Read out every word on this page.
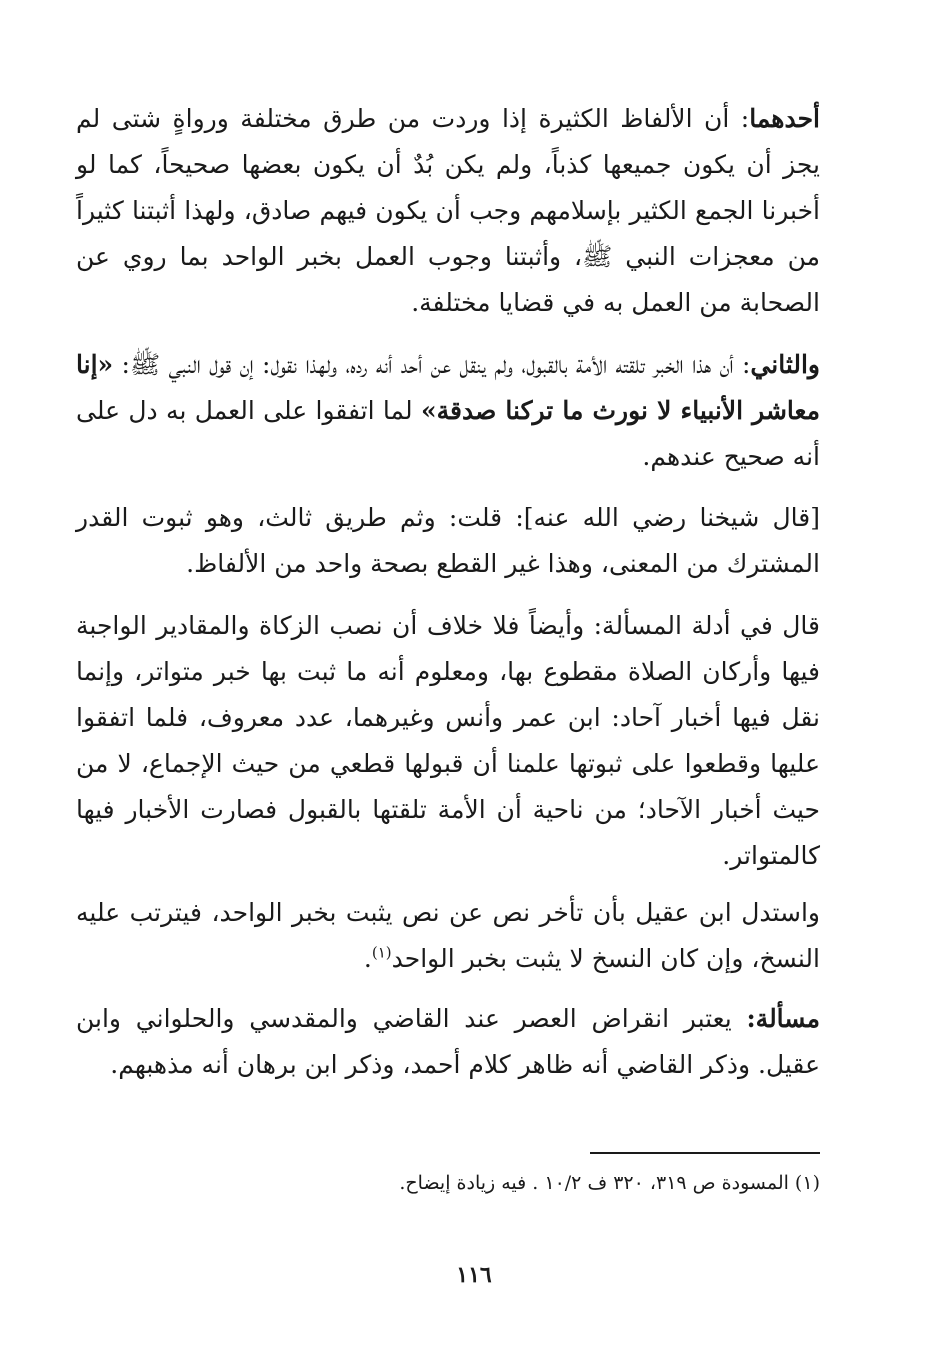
أحدهما: أن الألفاظ الكثيرة إذا وردت من طرق مختلفة ورواةٍ شتى لم يجز أن يكون جميعها كذباً، ولم يكن بُدٌ أن يكون بعضها صحيحاً، كما لو أخبرنا الجمع الكثير بإسلامهم وجب أن يكون فيهم صادق، ولهذا أثبتنا كثيراً من معجزات النبي ﷺ، وأثبتنا وجوب العمل بخبر الواحد بما روي عن الصحابة من العمل به في قضايا مختلفة.

والثاني: أن هذا الخبر تلقته الأمة بالقبول، ولم ينقل عن أحد أنه رده، ولهذا نقول: إن قول النبي ﷺ: «إنا معاشر الأنبياء لا نورث ما تركنا صدقة» لما اتفقوا على العمل به دل على أنه صحيح عندهم.

[قال شيخنا رضي الله عنه]: قلت: وثم طريق ثالث، وهو ثبوت القدر المشترك من المعنى، وهذا غير القطع بصحة واحد من الألفاظ.

قال في أدلة المسألة: وأيضاً فلا خلاف أن نصب الزكاة والمقادير الواجبة فيها وأركان الصلاة مقطوع بها، ومعلوم أنه ما ثبت بها خبر متواتر، وإنما نقل فيها أخبار آحاد: ابن عمر وأنس وغيرهما، عدد معروف، فلما اتفقوا عليها وقطعوا على ثبوتها علمنا أن قبولها قطعي من حيث الإجماع، لا من حيث أخبار الآحاد؛ من ناحية أن الأمة تلقتها بالقبول فصارت الأخبار فيها كالمتواتر.

واستدل ابن عقيل بأن تأخر نص عن نص يثبت بخبر الواحد، فيترتب عليه النسخ، وإن كان النسخ لا يثبت بخبر الواحد$^{(١)}$.

مسألة: يعتبر انقراض العصر عند القاضي والمقدسي والحلواني وابن عقيل. وذكر القاضي أنه ظاهر كلام أحمد، وذكر ابن برهان أنه مذهبهم.

(١) المسودة ص ٣١٩، ٣٢٠ ف ١٠/٢ . فيه زيادة إيضاح.

١١٦
